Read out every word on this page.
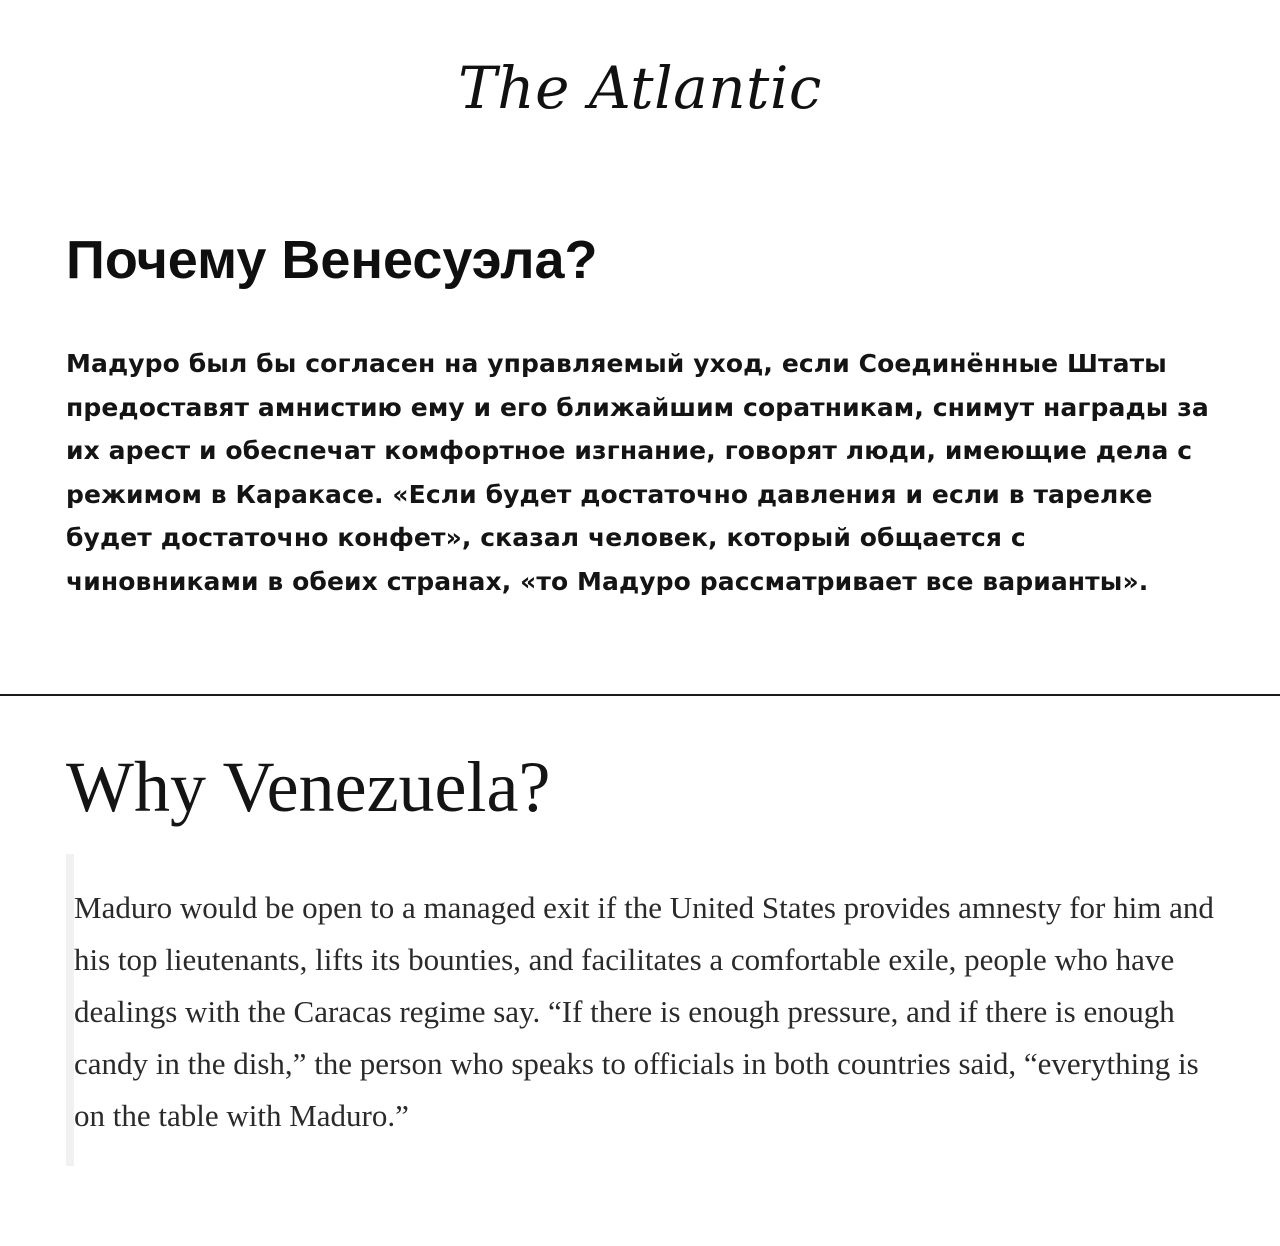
The Atlantic
Почему Венесуэла?

Мадуро был бы согласен на управляемый уход, если Соединённые Штаты предоставят амнистию ему и его ближайшим соратникам, снимут награды за их арест и обеспечат комфортное изгнание, говорят люди, имеющие дела с режимом в Каракасе. «Если будет достаточно давления и если в тарелке будет достаточно конфет», сказал человек, который общается с чиновниками в обеих странах, «то Мадуро рассматривает все варианты».

Why Venezuela?

Maduro would be open to a managed exit if the United States provides amnesty for him and his top lieutenants, lifts its bounties, and facilitates a comfortable exile, people who have dealings with the Caracas regime say. “If there is enough pressure, and if there is enough candy in the dish,” the person who speaks to officials in both countries said, “everything is on the table with Maduro.”
